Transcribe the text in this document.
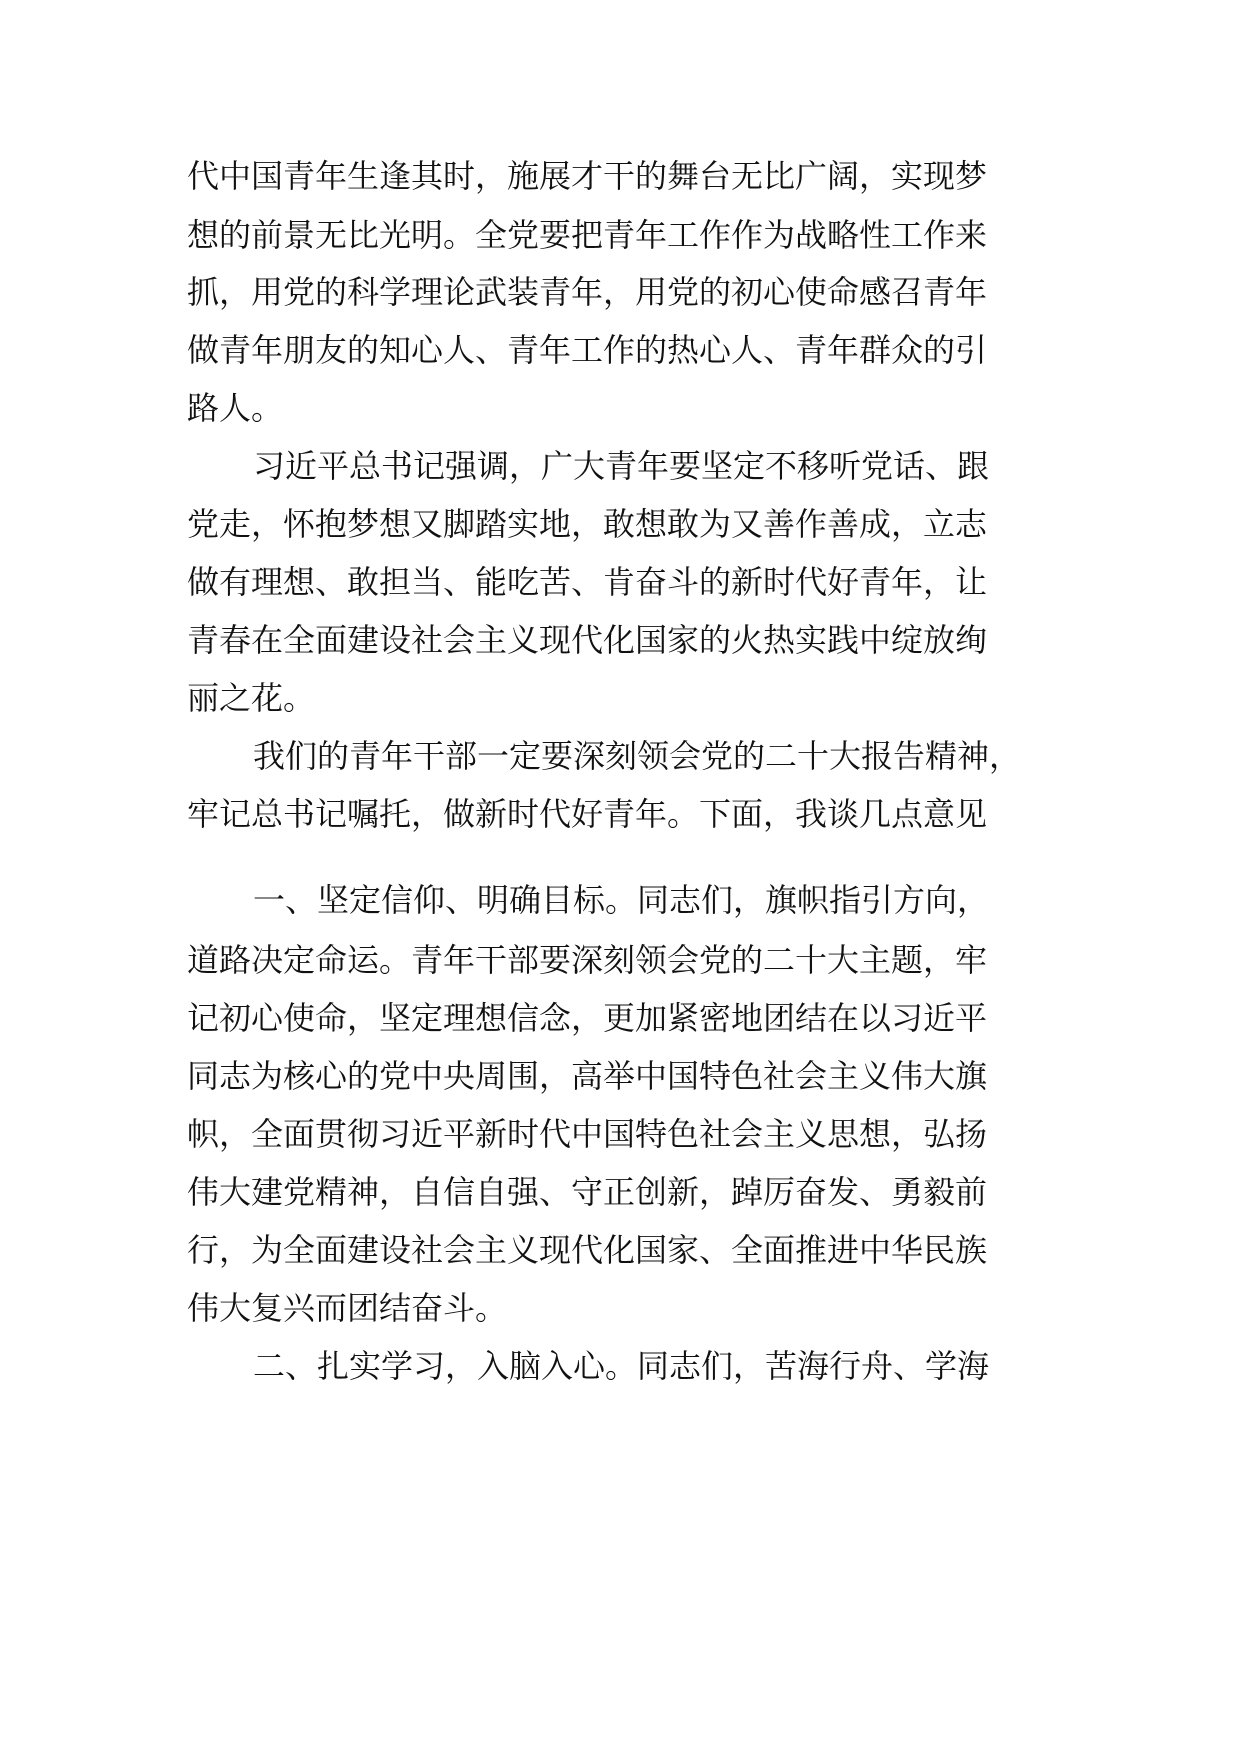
代中国青年生逢其时，施展才干的舞台无比广阔，实现梦
想的前景无比光明。全党要把青年工作作为战略性工作来
抓，用党的科学理论武装青年，用党的初心使命感召青年
做青年朋友的知心人、青年工作的热心人、青年群众的引
路人。
习近平总书记强调，广大青年要坚定不移听党话、跟
党走，怀抱梦想又脚踏实地，敢想敢为又善作善成，立志
做有理想、敢担当、能吃苦、肯奋斗的新时代好青年，让
青春在全面建设社会主义现代化国家的火热实践中绽放绚
丽之花。
我们的青年干部一定要深刻领会党的二十大报告精神，
牢记总书记嘱托，做新时代好青年。下面，我谈几点意见
一、坚定信仰、明确目标。同志们，旗帜指引方向，
道路决定命运。青年干部要深刻领会党的二十大主题，牢
记初心使命，坚定理想信念，更加紧密地团结在以习近平
同志为核心的党中央周围，高举中国特色社会主义伟大旗
帜，全面贯彻习近平新时代中国特色社会主义思想，弘扬
伟大建党精神，自信自强、守正创新，踔厉奋发、勇毅前
行，为全面建设社会主义现代化国家、全面推进中华民族
伟大复兴而团结奋斗。
二、扎实学习，入脑入心。同志们，苦海行舟、学海
